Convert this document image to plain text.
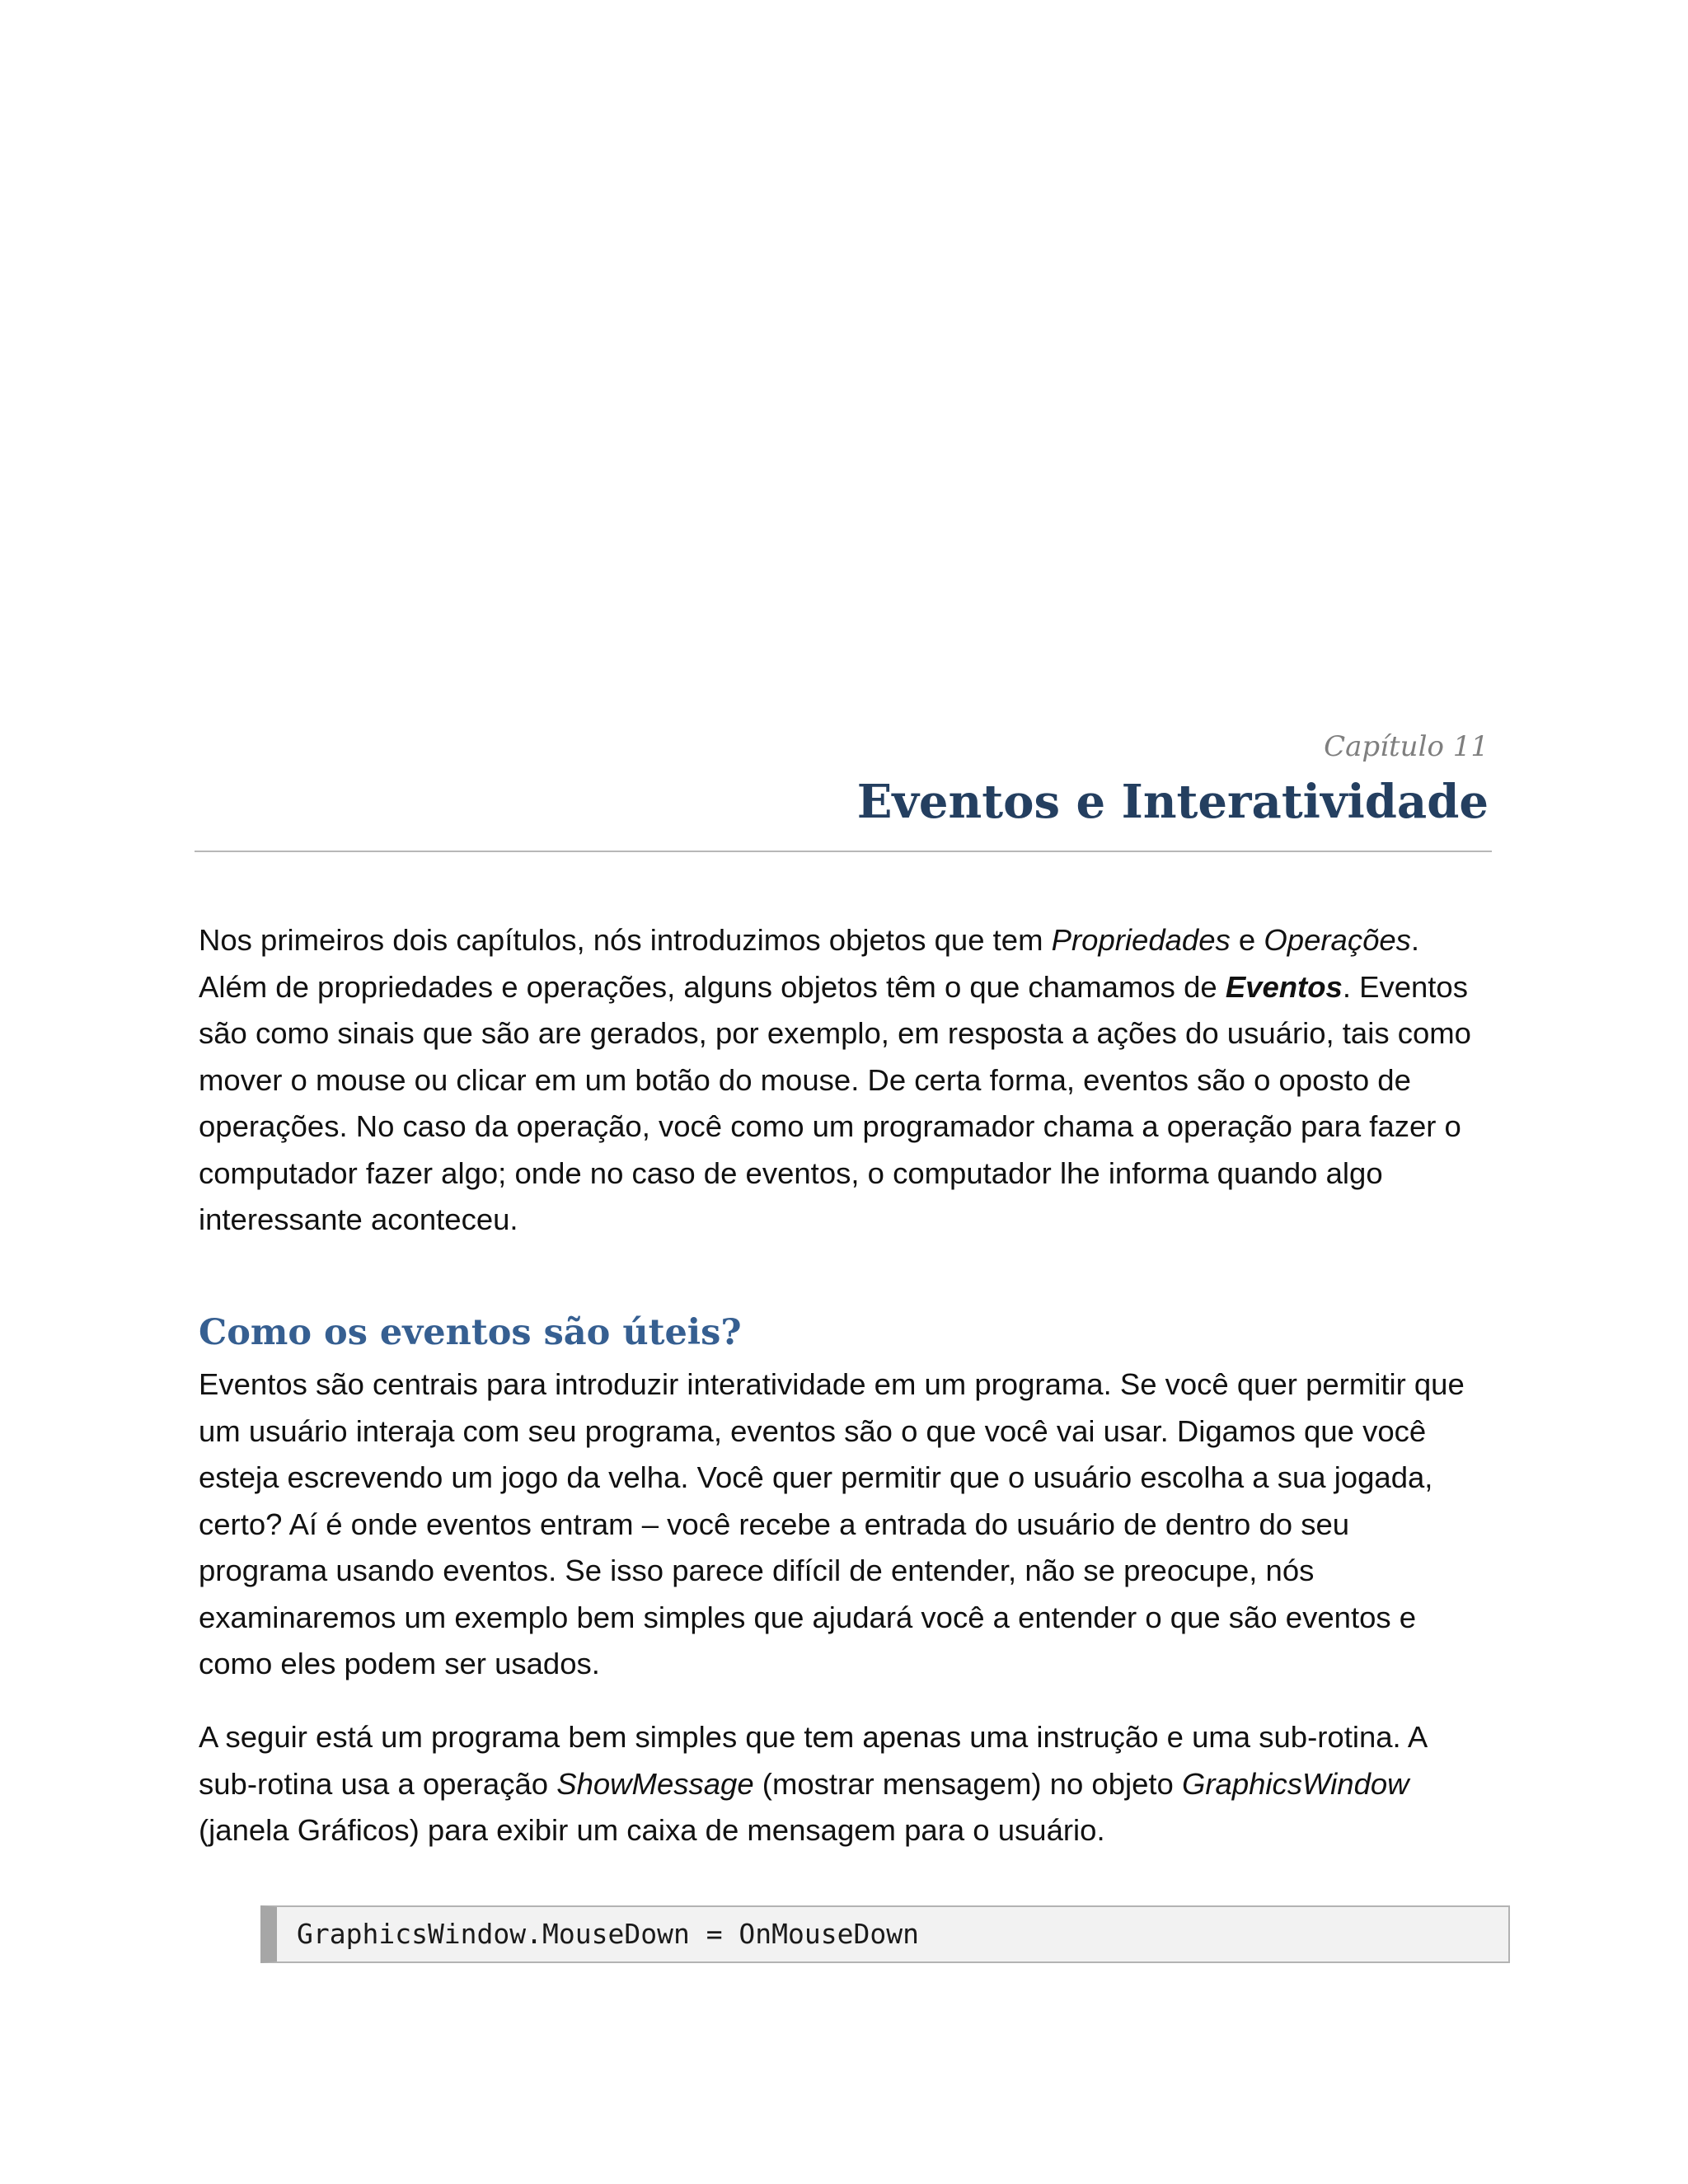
Capítulo 11
Eventos e Interatividade

Nos primeiros dois capítulos, nós introduzimos objetos que tem Propriedades e Operações.
Além de propriedades e operações, alguns objetos têm o que chamamos de Eventos. Eventos
são como sinais que são are gerados, por exemplo, em resposta a ações do usuário, tais como
mover o mouse ou clicar em um botão do mouse. De certa forma, eventos são o oposto de
operações. No caso da operação, você como um programador chama a operação para fazer o
computador fazer algo; onde no caso de eventos, o computador lhe informa quando algo
interessante aconteceu.

Como os eventos são úteis?

Eventos são centrais para introduzir interatividade em um programa. Se você quer permitir que
um usuário interaja com seu programa, eventos são o que você vai usar. Digamos que você
esteja escrevendo um jogo da velha. Você quer permitir que o usuário escolha a sua jogada,
certo? Aí é onde eventos entram – você recebe a entrada do usuário de dentro do seu
programa usando eventos. Se isso parece difícil de entender, não se preocupe, nós
examinaremos um exemplo bem simples que ajudará você a entender o que são eventos e
como eles podem ser usados.

A seguir está um programa bem simples que tem apenas uma instrução e uma sub-rotina. A
sub-rotina usa a operação ShowMessage (mostrar mensagem) no objeto GraphicsWindow
(janela Gráficos) para exibir um caixa de mensagem para o usuário.

GraphicsWindow.MouseDown = OnMouseDown
